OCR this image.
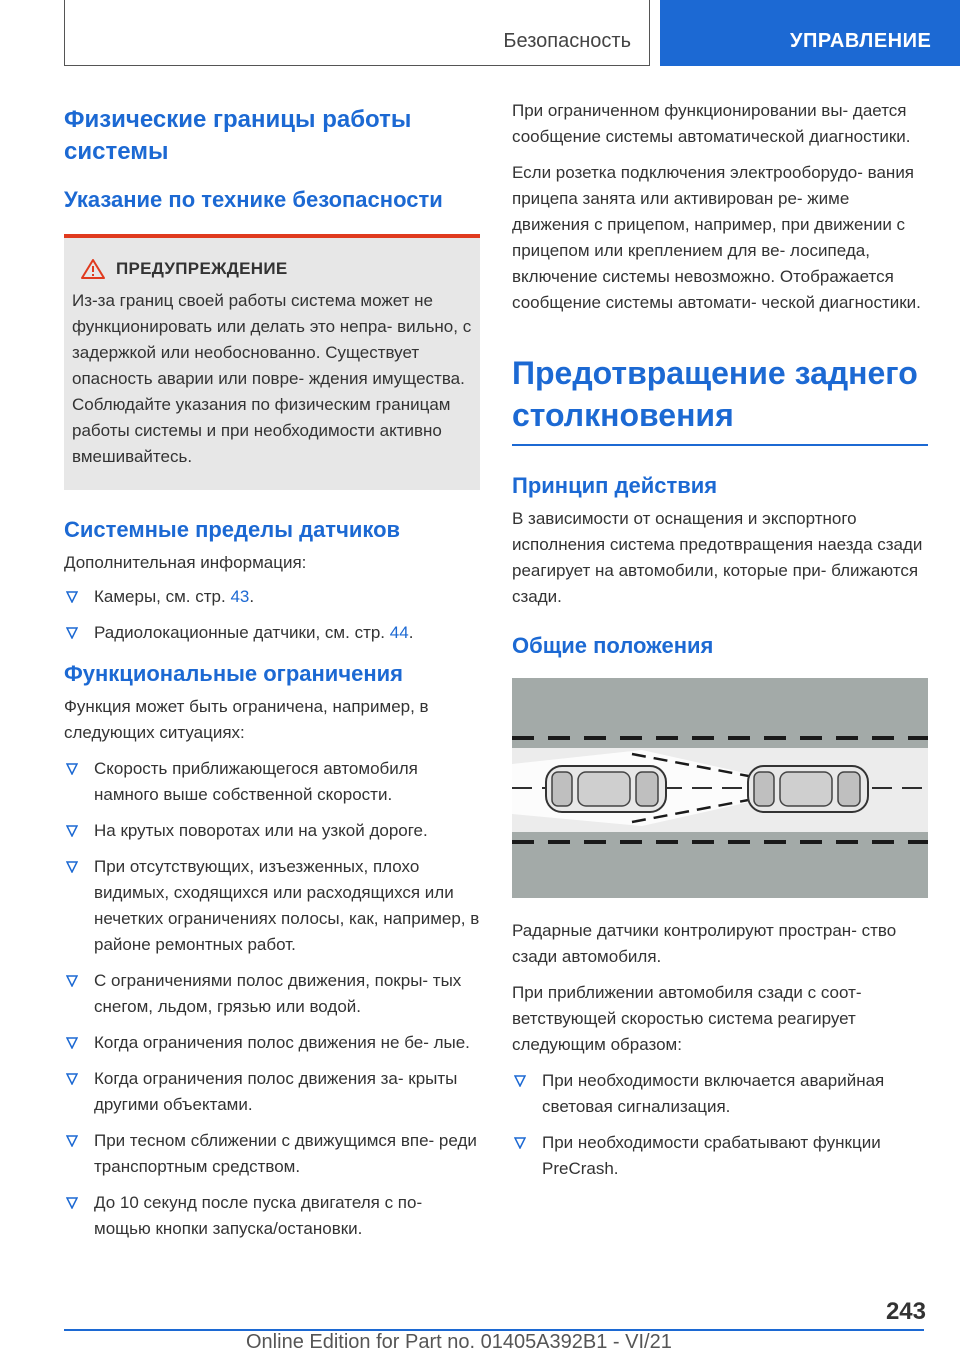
Безопасность	УПРАВЛЕНИЕ
Физические границы работы системы
Указание по технике безопасности
ПРЕДУПРЕЖДЕНИЕ
Из-за границ своей работы система может не функционировать или делать это непра- вильно, с задержкой или необоснованно. Существует опасность аварии или повре- ждения имущества. Соблюдайте указания по физическим границам работы системы и при необходимости активно вмешивайтесь.
Системные пределы датчиков
Дополнительная информация:
Камеры, см. стр. 43.
Радиолокационные датчики, см. стр. 44.
Функциональные ограничения
Функция может быть ограничена, например, в следующих ситуациях:
Скорость приближающегося автомобиля намного выше собственной скорости.
На крутых поворотах или на узкой дороге.
При отсутствующих, изъезженных, плохо видимых, сходящихся или расходящихся или нечетких ограничениях полосы, как, например, в районе ремонтных работ.
С ограничениями полос движения, покры- тых снегом, льдом, грязью или водой.
Когда ограничения полос движения не бе- лые.
Когда ограничения полос движения за- крыты другими объектами.
При тесном сближении с движущимся впе- реди транспортным средством.
До 10 секунд после пуска двигателя с по- мощью кнопки запуска/остановки.

При ограниченном функционировании вы- дается сообщение системы автоматической диагностики.

Если розетка подключения электрооборудо- вания прицепа занята или активирован ре- жиме движения с прицепом, например, при движении с прицепом или креплением для ве- лосипеда, включение системы невозможно. Отображается сообщение системы автомати- ческой диагностики.

Предотвращение заднего столкновения
Принцип действия

В зависимости от оснащения и экспортного исполнения система предотвращения наезда сзади реагирует на автомобили, которые при- ближаются сзади.

Общие положения

Радарные датчики контролируют простран- ство сзади автомобиля.

При приближении автомобиля сзади с соот- ветствующей скоростью система реагирует следующим образом:

При необходимости включается аварийная световая сигнализация.
При необходимости срабатывают функции PreCrash.
243
Online Edition for Part no. 01405A392B1 - VI/21
